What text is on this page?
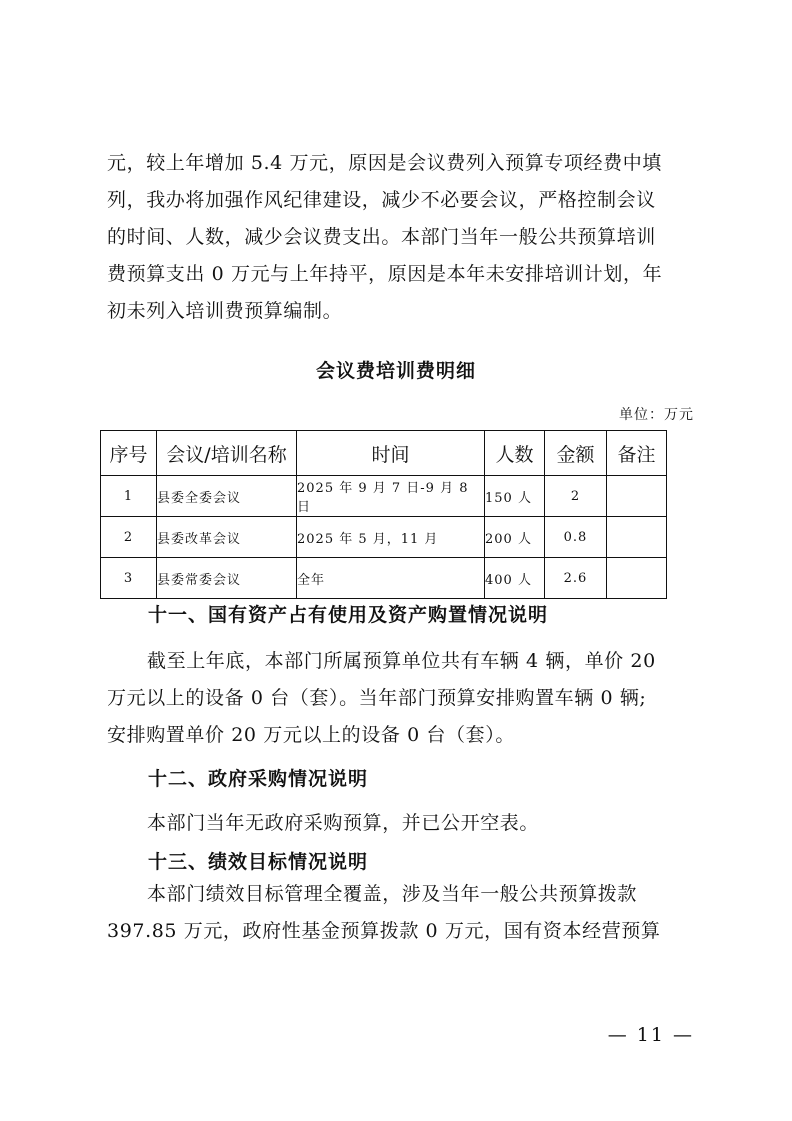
元，较上年增加 5.4 万元，原因是会议费列入预算专项经费中填
列，我办将加强作风纪律建设，减少不必要会议，严格控制会议
的时间、人数，减少会议费支出。本部门当年一般公共预算培训
费预算支出 0 万元与上年持平，原因是本年未安排培训计划，年
初未列入培训费预算编制。
会议费培训费明细
单位：万元
序号	会议/培训名称	时间	人数	金额	备注
1	县委全委会议	2025 年 9 月 7 日-9 月 8 日	150 人	2	
2	县委改革会议	2025 年 5 月，11 月	200 人	0.8	
3	县委常委会议	全年	400 人	2.6	
十一、国有资产占有使用及资产购置情况说明
截至上年底，本部门所属预算单位共有车辆 4 辆，单价 20
万元以上的设备 0 台（套）。当年部门预算安排购置车辆 0 辆;
安排购置单价 20 万元以上的设备 0 台（套）。
十二、政府采购情况说明
本部门当年无政府采购预算，并已公开空表。
十三、绩效目标情况说明
本部门绩效目标管理全覆盖，涉及当年一般公共预算拨款
397.85 万元，政府性基金预算拨款 0 万元，国有资本经营预算
— 11 —
